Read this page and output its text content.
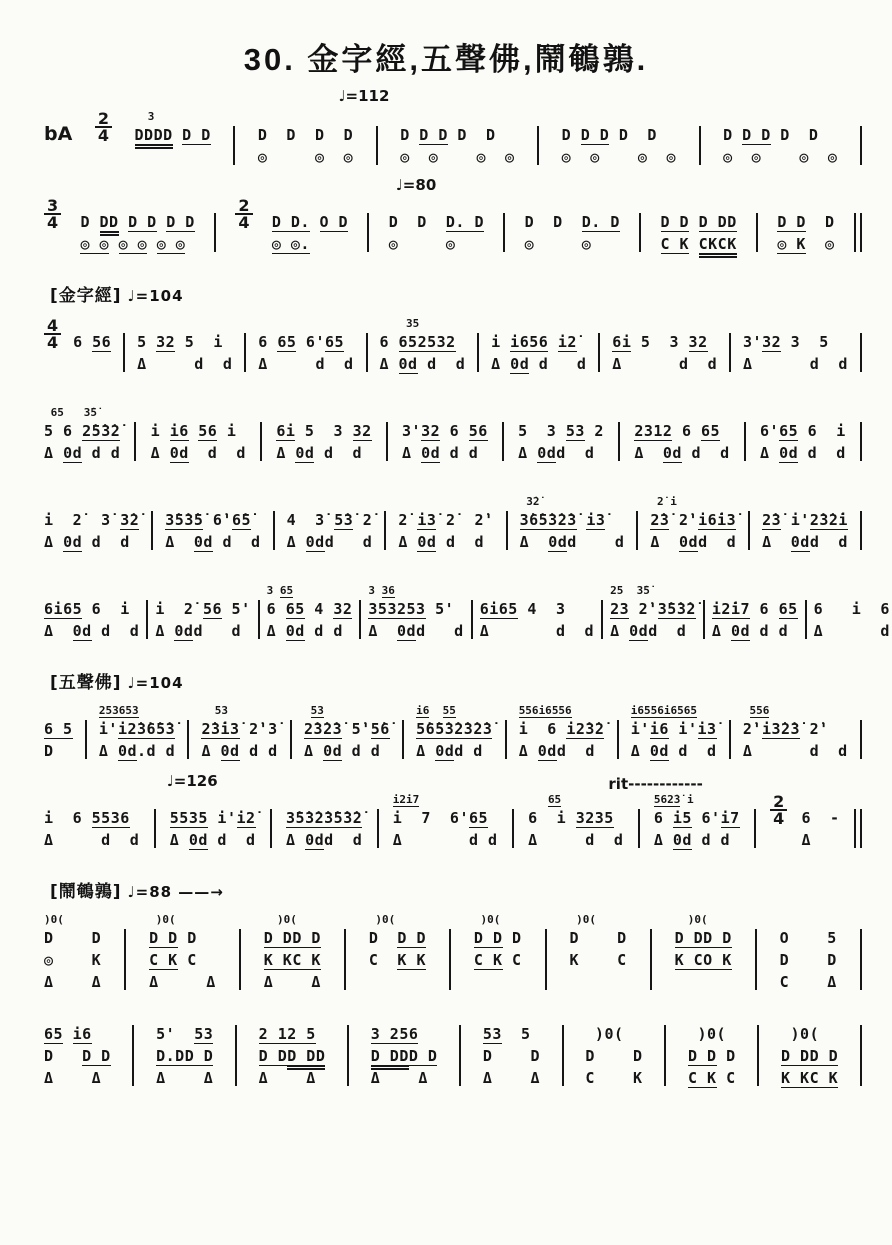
30. 金字經,五聲佛,鬧鵪鶉.
♩=112
bA $\frac{2}{4} 3$
DDDD D D

	D  D  D  D
◎     ◎  ◎

D D D D  D
◎  ◎    ◎  ◎

D D D D  D
◎  ◎    ◎  ◎

D D D D  D
◎  ◎    ◎  ◎
♩=80
$\frac{3}{4}$ D DD D D D D
◎ ◎ ◎ ◎ ◎ ◎
$\frac{2}{4}$ D D. O D
◎ ◎.
D  D  D. D
◎     ◎
D  D  D. D
◎     ◎
D D D DD
C K CKCK
D D  D
◎ K  ◎
[金字經] ♩=104
$\frac{4}{4}$
6 56

5 32 5  i
Δ     d  d

6 65 6'65
Δ     d  d
35
6 652532
Δ 0d d  d

i i656 i2̇
Δ 0d d   d

6i 5  3 32
Δ      d  d

3'32 3  5
Δ      d  d
65   3̇5̇
5 6 2̇5̇3̇2̇
Δ 0d d d

i i6 56 i
Δ 0d  d  d

6i 5  3 32
Δ 0d d  d

3'32 6 56
Δ 0d d d

5  3 53 2
Δ 0dd  d

2312 6 65
Δ  0d d  d

6'65 6  i
Δ 0d d  d

i  2̇  3̇ 3̇2̇
Δ 0d d  d

3̇5̇3̇5̇ 6̇'6̇5̇
Δ  0d d  d

4  3̇ 5̇3̇ 2̇
Δ 0dd   d

2̇ i3̇ 2̇  2̇'
Δ 0d d  d
3̇2̇
3̇6̇5̇3̇2̇3̇ i3̇
Δ  0dd    d
2̇ i
2̇3̇ 2̇'i6̇i3̇
Δ  0dd  d

2̇3̇ i'2̇3̇2̇i
Δ  0dd  d

6i65 6  i
Δ  0d d  d

i  2̇ 56 5'
Δ 0dd   d
3 65
6 65 4 32
Δ 0d d d
3 36
353253 5'
Δ  0dd   d

6i65 4  3
Δ       d  d
25  3̇5̇
23 2̇'3̇5̇3̇2̇
Δ 0dd  d

i2̇i7 6 65
Δ 0d d d

6   i  6
Δ      d
[五聲佛] ♩=104

6 5
D
253653
i'i2̇3̇6̇5̇3̇
Δ 0d.d d
53
2̇3̇i3̇ 2̇'3̇
Δ 0d d d
53
2̇3̇2̇3̇ 5̇'5̇6̇
Δ 0d d d
i6 55
5̇6̇5̇3̇2̇3̇2̇3̇
Δ 0dd d
556i6556
i  6 i2̇3̇2̇
Δ 0dd  d
i6556i6565
i'i6 i'i3̇
Δ 0d d  d
556
2̇'i3̇2̇3̇ 2̇'
Δ      d  d
♩=126	rit------------

i  6 5536
Δ     d  d

5535 i'i2̇
Δ 0d d  d

3̇5̇3̇2̇3̇5̇3̇2̇
Δ 0dd  d
i2̇i7
i  7  6'65
Δ       d d
65
6  i 3235
Δ     d  d
562̇3̇ i
6 i5 6'i7
Δ 0d d d
$\frac{2}{4}$
6  -
Δ
[鬧鵪鶉] ♩=88 ——→
)0(
D    D
◎    K
Δ    Δ
)0(
D D D
C K C
Δ     Δ
)0(
D DD D
K KC K
Δ    Δ
)0(
D  D D
C  K K

)0(
D D D
C K C

)0(
D    D
K    C

)0(
D DD D
K CO K

O    5
D    D
C    Δ
65 i6
D   D D
Δ    Δ
5'  53
D.DD D
Δ    Δ
2 12 5
D DD DD
Δ    Δ
3 256
D DDD D
Δ    Δ
53  5
D    D
Δ    Δ
)0(
D    D
C    K
)0(
D D D
C K C
)0(
D DD D
K KC K
